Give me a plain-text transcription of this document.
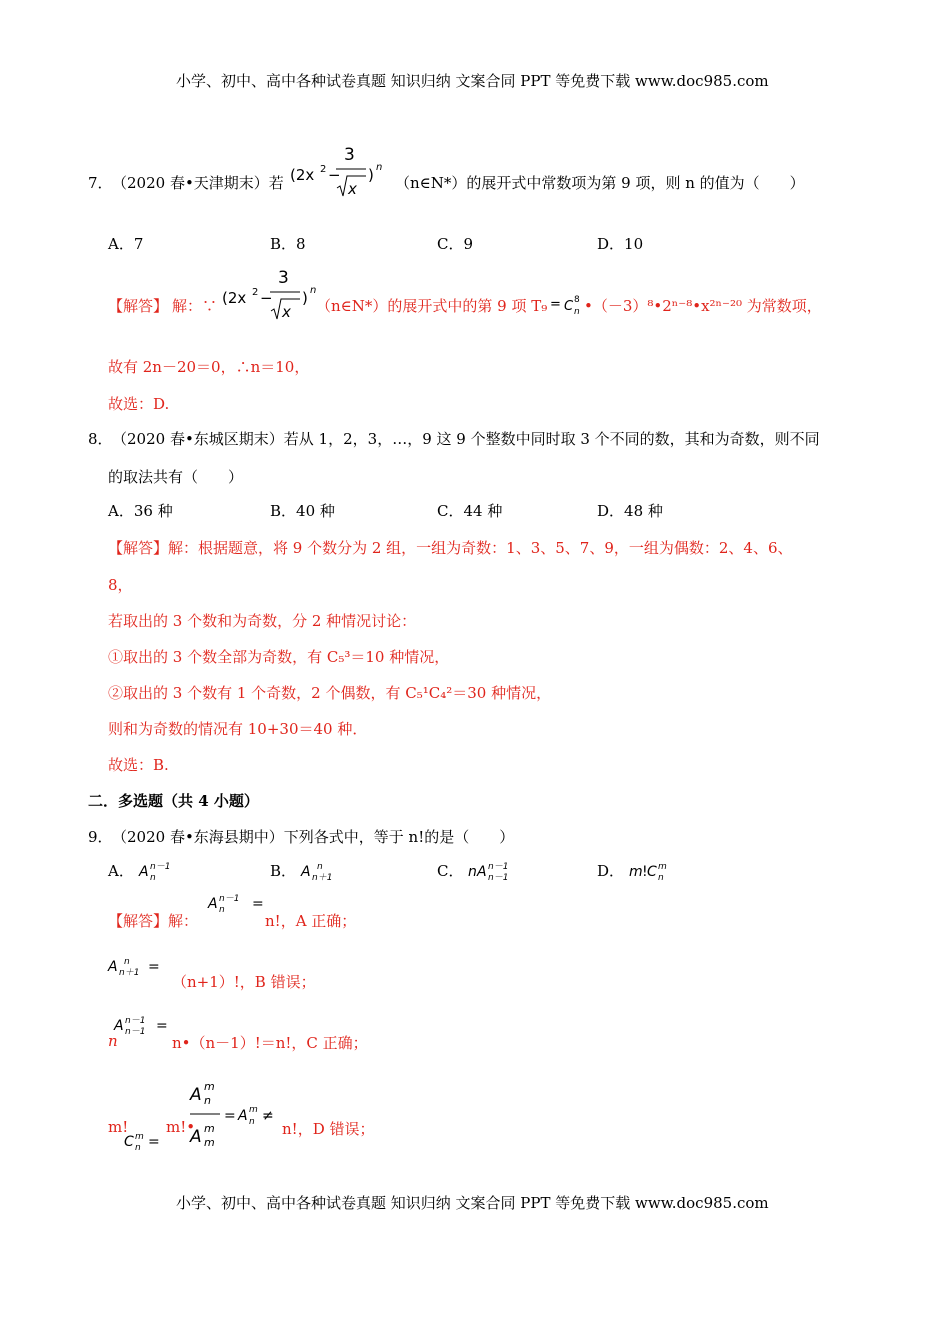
小学、初中、高中各种试卷真题 知识归纳 文案合同 PPT 等免费下载 www.doc985.com
7． （2020 春•天津期末）若 (2x 2 −
3
x
) n
（n∈N*）的展开式中常数项为第 9 项，则 n 的值为（　　）
A．7	B．8	C．9	D．10
【解答】 解：∵ (2x 2 −
3
x
) n
（n∈N*）的展开式中的第 9 项 T₉ = C 8
n •（－3）⁸•2ⁿ⁻⁸•x²ⁿ⁻²⁰ 为常数项，
故有 2n－20＝0，∴n＝10，
故选：D.
8． （2020 春•东城区期末）若从 1，2，3，…，9 这 9 个整数中同时取 3 个不同的数，其和为奇数，则不同
的取法共有（　　）
A．36 种	B．40 种	C．44 种	D．48 种
【解答】解：根据题意，将 9 个数分为 2 组，一组为奇数：1、3、5、7、9，一组为偶数：2、4、6、
8，
若取出的 3 个数和为奇数，分 2 种情况讨论：
①取出的 3 个数全部为奇数，有 C₅³＝10 种情况，
②取出的 3 个数有 1 个奇数，2 个偶数，有 C₅¹C₄²＝30 种情况，
则和为奇数的情况有 10+30＝40 种．
故选：B.
二．多选题（共 4 小题）
9． （2020 春•东海县期中）下列各式中，等于 n!的是（　　）
A． A n－1
n	B． A n＋1
n	C． n A n－1
n－1	D． m ! C m
n
【解答】解：
A n－1
n =
n!，A 正确；
A n＋1
n =
（n+1）!，B 错误；
A n－1
n－1 =
n	n•（n－1）!＝n!，C 正确；
m!
C m
n =
m!•
A m
n
A m
m
= A m
n ≠
n!，D 错误；
小学、初中、高中各种试卷真题 知识归纳 文案合同 PPT 等免费下载 www.doc985.com
